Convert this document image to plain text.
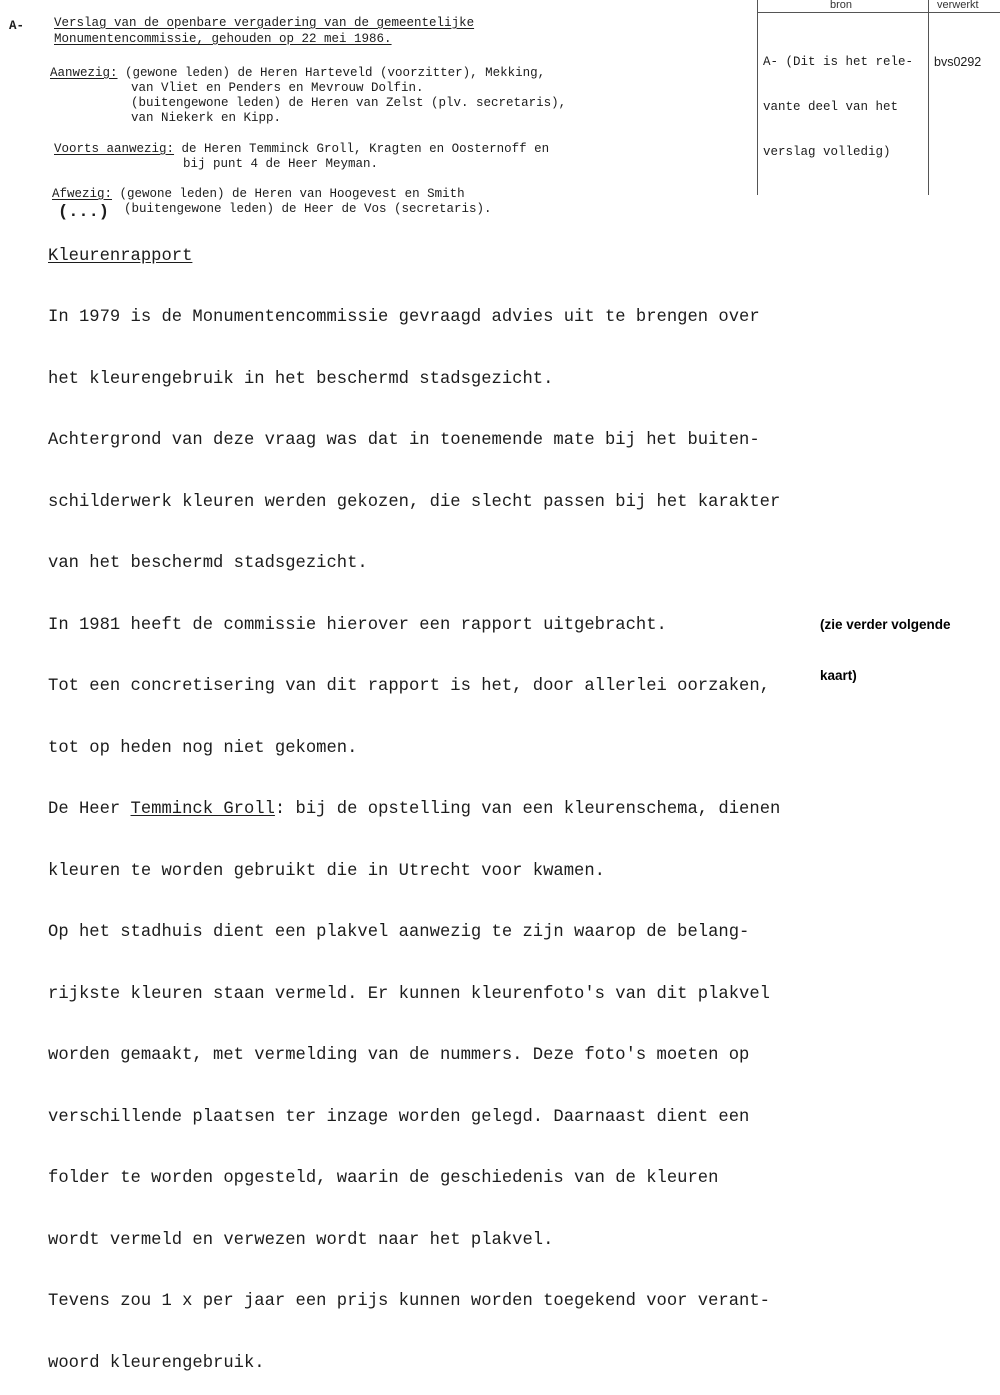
bron	verwerkt

A- (Dit is het rele-

vante deel van het

verslag volledig)

bvs0292
A- Verslag van de openbare vergadering van de gemeentelijke
Monumentencommissie, gehouden op 22 mei 1986.
Aanwezig: (gewone leden) de Heren Harteveld (voorzitter), Mekking,
van Vliet en Penders en Mevrouw Dolfin.
(buitengewone leden) de Heren van Zelst (plv. secretaris),
van Niekerk en Kipp.
Voorts aanwezig: de Heren Temminck Groll, Kragten en Oosternoff en
bij punt 4 de Heer Meyman.
Afwezig: (gewone leden) de Heren van Hoogevest en Smith
(buitengewone leden) de Heer de Vos (secretaris).
(...)
Kleurenrapport

In 1979 is de Monumentencommissie gevraagd advies uit te brengen over

het kleurengebruik in het beschermd stadsgezicht.

Achtergrond van deze vraag was dat in toenemende mate bij het buiten-

schilderwerk kleuren werden gekozen, die slecht passen bij het karakter

van het beschermd stadsgezicht.

In 1981 heeft de commissie hierover een rapport uitgebracht.

Tot een concretisering van dit rapport is het, door allerlei oorzaken,

tot op heden nog niet gekomen.

De Heer Temminck Groll: bij de opstelling van een kleurenschema, dienen

kleuren te worden gebruikt die in Utrecht voor kwamen.

Op het stadhuis dient een plakvel aanwezig te zijn waarop de belang-

rijkste kleuren staan vermeld. Er kunnen kleurenfoto's van dit plakvel

worden gemaakt, met vermelding van de nummers. Deze foto's moeten op

verschillende plaatsen ter inzage worden gelegd. Daarnaast dient een

folder te worden opgesteld, waarin de geschiedenis van de kleuren

wordt vermeld en verwezen wordt naar het plakvel.

Tevens zou 1 x per jaar een prijs kunnen worden toegekend voor verant-

woord kleurengebruik.

(zie verder volgende

kaart)
